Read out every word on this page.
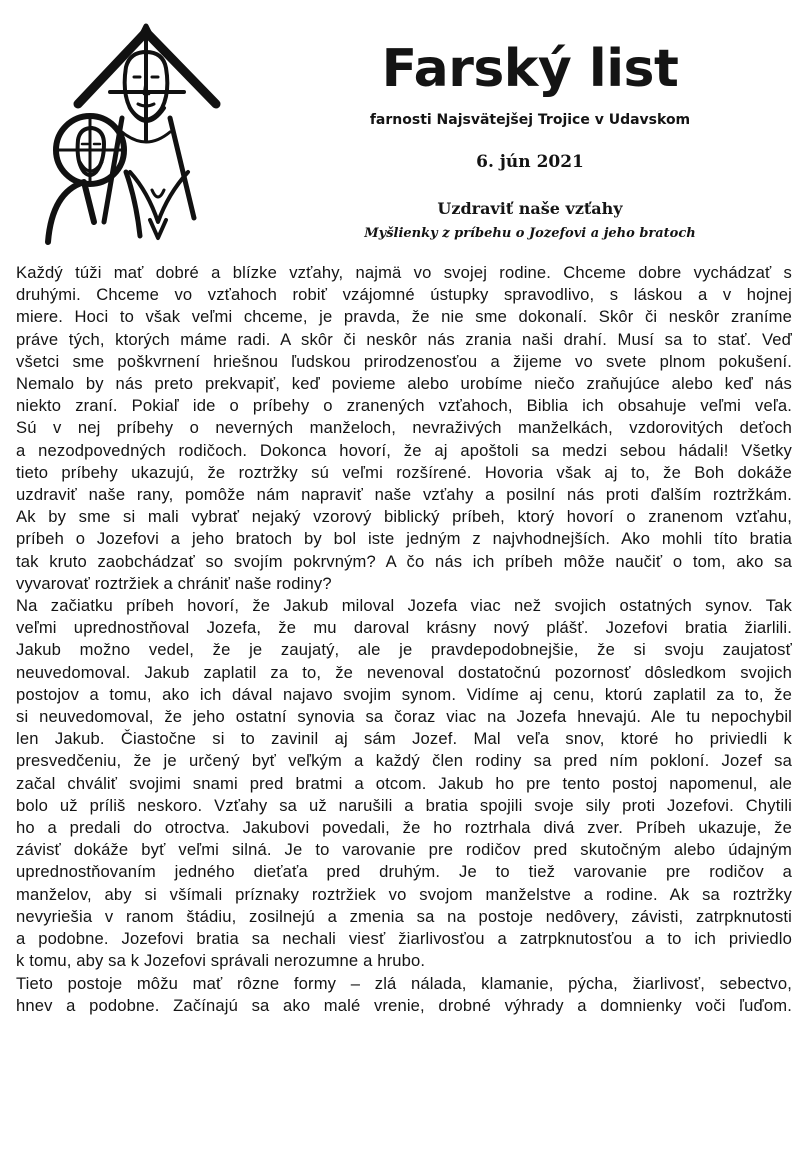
Farský list
farnosti Najsvätejšej Trojice v Udavskom
6. jún 2021
Uzdraviť naše vzťahy
Myšlienky z príbehu o Jozefovi a jeho bratoch
Každý túži mať dobré a blízke vzťahy, najmä vo svojej rodine. Chceme dobre vychádzať s
druhými. Chceme vo vzťahoch robiť vzájomné ústupky spravodlivo, s láskou a v hojnej
miere. Hoci to však veľmi chceme, je pravda, že nie sme dokonalí. Skôr či neskôr zraníme
práve tých, ktorých máme radi. A skôr či neskôr nás zrania naši drahí. Musí sa to stať. Veď
všetci sme poškvrnení hriešnou ľudskou prirodzenosťou a žijeme vo svete plnom pokušení.
Nemalo by nás preto prekvapiť, keď povieme alebo urobíme niečo zraňujúce alebo keď nás
niekto zraní. Pokiaľ ide o príbehy o zranených vzťahoch, Biblia ich obsahuje veľmi veľa.
Sú v nej príbehy o neverných manželoch, nevraživých manželkách, vzdorovitých deťoch
a nezodpovedných rodičoch. Dokonca hovorí, že aj apoštoli sa medzi sebou hádali! Všetky
tieto príbehy ukazujú, že roztržky sú veľmi rozšírené. Hovoria však aj to, že Boh dokáže
uzdraviť naše rany, pomôže nám napraviť naše vzťahy a posilní nás proti ďalším roztržkám.
Ak by sme si mali vybrať nejaký vzorový biblický príbeh, ktorý hovorí o zranenom vzťahu,
príbeh o Jozefovi a jeho bratoch by bol iste jedným z najvhodnejších. Ako mohli títo bratia
tak kruto zaobchádzať so svojím pokrvným? A čo nás ich príbeh môže naučiť o tom, ako sa
vyvarovať roztržiek a chrániť naše rodiny?
Na začiatku príbeh hovorí, že Jakub miloval Jozefa viac než svojich ostatných synov. Tak
veľmi uprednostňoval Jozefa, že mu daroval krásny nový plášť. Jozefovi bratia žiarlili.
Jakub možno vedel, že je zaujatý, ale je pravdepodobnejšie, že si svoju zaujatosť
neuvedomoval. Jakub zaplatil za to, že nevenoval dostatočnú pozornosť dôsledkom svojich
postojov a tomu, ako ich dával najavo svojim synom. Vidíme aj cenu, ktorú zaplatil za to, že
si neuvedomoval, že jeho ostatní synovia sa čoraz viac na Jozefa hnevajú. Ale tu nepochybil
len Jakub. Čiastočne si to zavinil aj sám Jozef. Mal veľa snov, ktoré ho priviedli k
presvedčeniu, že je určený byť veľkým a každý člen rodiny sa pred ním pokloní. Jozef sa
začal chváliť svojimi snami pred bratmi a otcom. Jakub ho pre tento postoj napomenul, ale
bolo už príliš neskoro. Vzťahy sa už narušili a bratia spojili svoje sily proti Jozefovi. Chytili
ho a predali do otroctva. Jakubovi povedali, že ho roztrhala divá zver. Príbeh ukazuje, že
závisť dokáže byť veľmi silná. Je to varovanie pre rodičov pred skutočným alebo údajným
uprednostňovaním jedného dieťaťa pred druhým. Je to tiež varovanie pre rodičov a
manželov, aby si všímali príznaky roztržiek vo svojom manželstve a rodine. Ak sa roztržky
nevyriešia v ranom štádiu, zosilnejú a zmenia sa na postoje nedôvery, závisti, zatrpknutosti
a podobne. Jozefovi bratia sa nechali viesť žiarlivosťou a zatrpknutosťou a to ich priviedlo
k tomu, aby sa k Jozefovi správali nerozumne a hrubo.
Tieto postoje môžu mať rôzne formy – zlá nálada, klamanie, pýcha, žiarlivosť, sebectvo,
hnev a podobne. Začínajú sa ako malé vrenie, drobné výhrady a domnienky voči ľuďom.
